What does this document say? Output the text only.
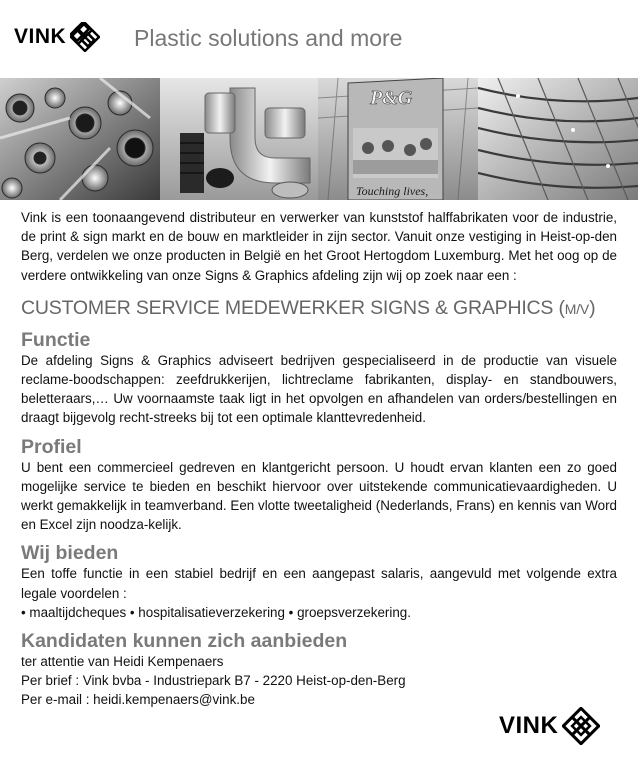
VINK	Plastic solutions and more
P&G
Touching lives,

Vink is een toonaangevend distributeur en verwerker van kunststof halffabrikaten voor de industrie, de print & sign markt en de bouw en marktleider in zijn sector. Vanuit onze vestiging in Heist-op-den Berg, verdelen we onze producten in België en het Groot Hertogdom Luxemburg. Met het oog op de verdere ontwikkeling van onze Signs & Graphics afdeling zijn wij op zoek naar een :

CUSTOMER SERVICE MEDEWERKER SIGNS & GRAPHICS (M/V)
Functie

De afdeling Signs & Graphics adviseert bedrijven gespecialiseerd in de productie van visuele reclame-boodschappen: zeefdrukkerijen, lichtreclame fabrikanten, display- en standbouwers, beletteraars,… Uw voornaamste taak ligt in het opvolgen en afhandelen van orders/bestellingen en draagt bijgevolg recht-streeks bij tot een optimale klanttevredenheid.

Profiel

U bent een commercieel gedreven en klantgericht persoon. U houdt ervan klanten een zo goed mogelijke service te bieden en beschikt hiervoor over uitstekende communicatievaardigheden. U werkt gemakkelijk in teamverband. Een vlotte tweetaligheid (Nederlands, Frans) en kennis van Word en Excel zijn noodza-kelijk.

Wij bieden

Een toffe functie in een stabiel bedrijf en een aangepast salaris, aangevuld met volgende extra legale voordelen :

• maaltijdcheques • hospitalisatieverzekering • groepsverzekering.

Kandidaten kunnen zich aanbieden

ter attentie van Heidi Kempenaers

Per brief : Vink bvba - Industriepark B7 - 2220 Heist-op-den-Berg

Per e-mail : heidi.kempenaers@vink.be

VINK
